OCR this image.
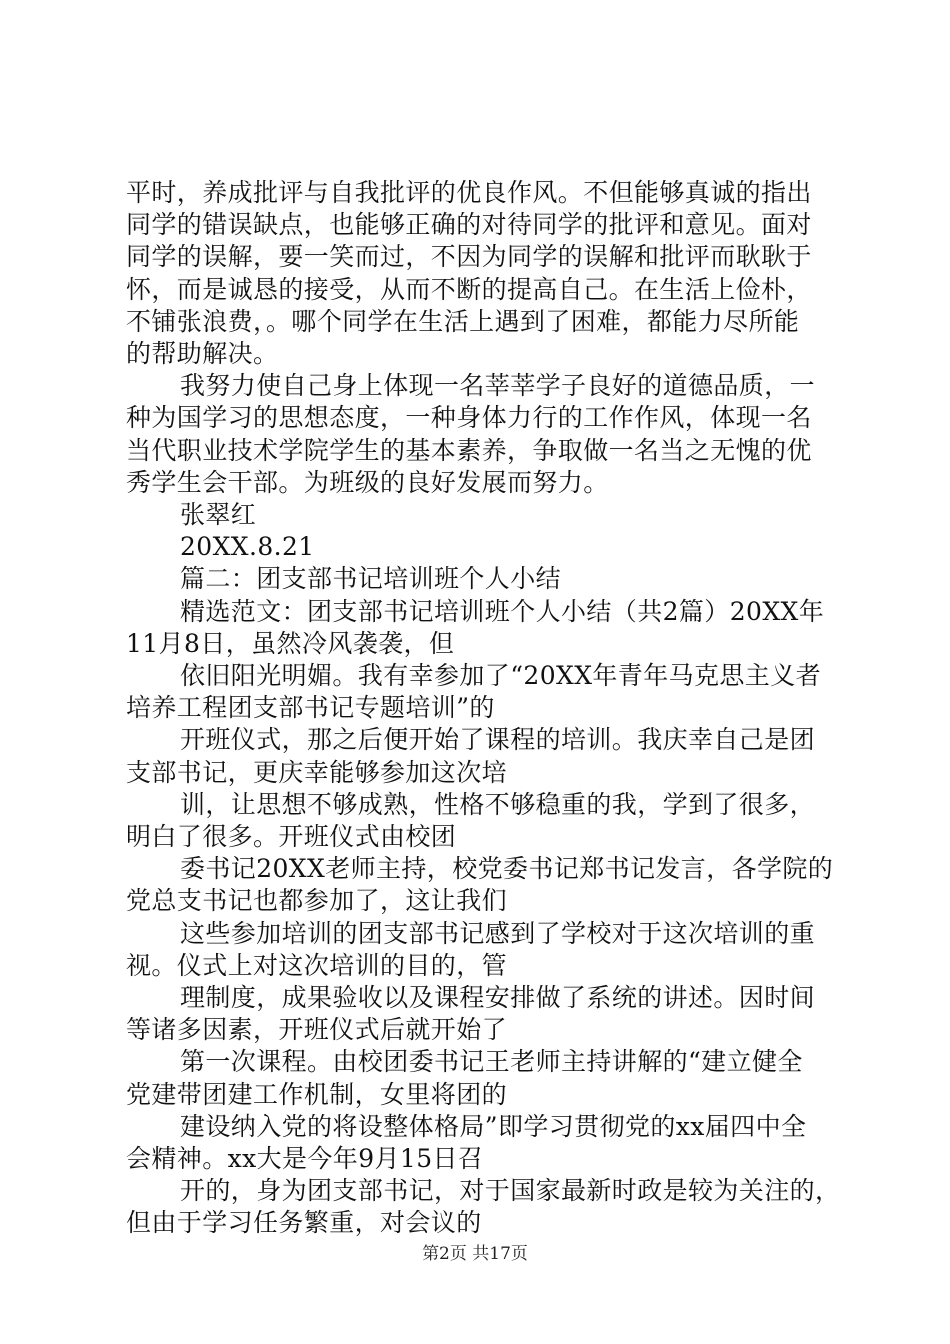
平时，养成批评与自我批评的优良作风。不但能够真诚的指出
同学的错误缺点，也能够正确的对待同学的批评和意见。面对
同学的误解，要一笑而过，不因为同学的误解和批评而耿耿于
怀，而是诚恳的接受，从而不断的提高自己。在生活上俭朴，
不铺张浪费，。哪个同学在生活上遇到了困难，都能力尽所能
的帮助解决。
我努力使自己身上体现一名莘莘学子良好的道德品质，一
种为国学习的思想态度，一种身体力行的工作作风，体现一名
当代职业技术学院学生的基本素养，争取做一名当之无愧的优
秀学生会干部。为班级的良好发展而努力。
张翠红
20XX.8.21
篇二：团支部书记培训班个人小结
精选范文：团支部书记培训班个人小结（共2篇）20XX年
11月8日，虽然冷风袭袭，但
依旧阳光明媚。我有幸参加了“20XX年青年马克思主义者
培养工程团支部书记专题培训”的
开班仪式，那之后便开始了课程的培训。我庆幸自己是团
支部书记，更庆幸能够参加这次培
训，让思想不够成熟，性格不够稳重的我，学到了很多，
明白了很多。开班仪式由校团
委书记20XX老师主持，校党委书记郑书记发言，各学院的
党总支书记也都参加了，这让我们
这些参加培训的团支部书记感到了学校对于这次培训的重
视。仪式上对这次培训的目的，管
理制度，成果验收以及课程安排做了系统的讲述。因时间
等诸多因素，开班仪式后就开始了
第一次课程。由校团委书记王老师主持讲解的“建立健全
党建带团建工作机制，女里将团的
建设纳入党的将设整体格局”即学习贯彻党的xx届四中全
会精神。xx大是今年9月15日召
开的，身为团支部书记，对于国家最新时政是较为关注的，
但由于学习任务繁重，对会议的
第2页 共17页
